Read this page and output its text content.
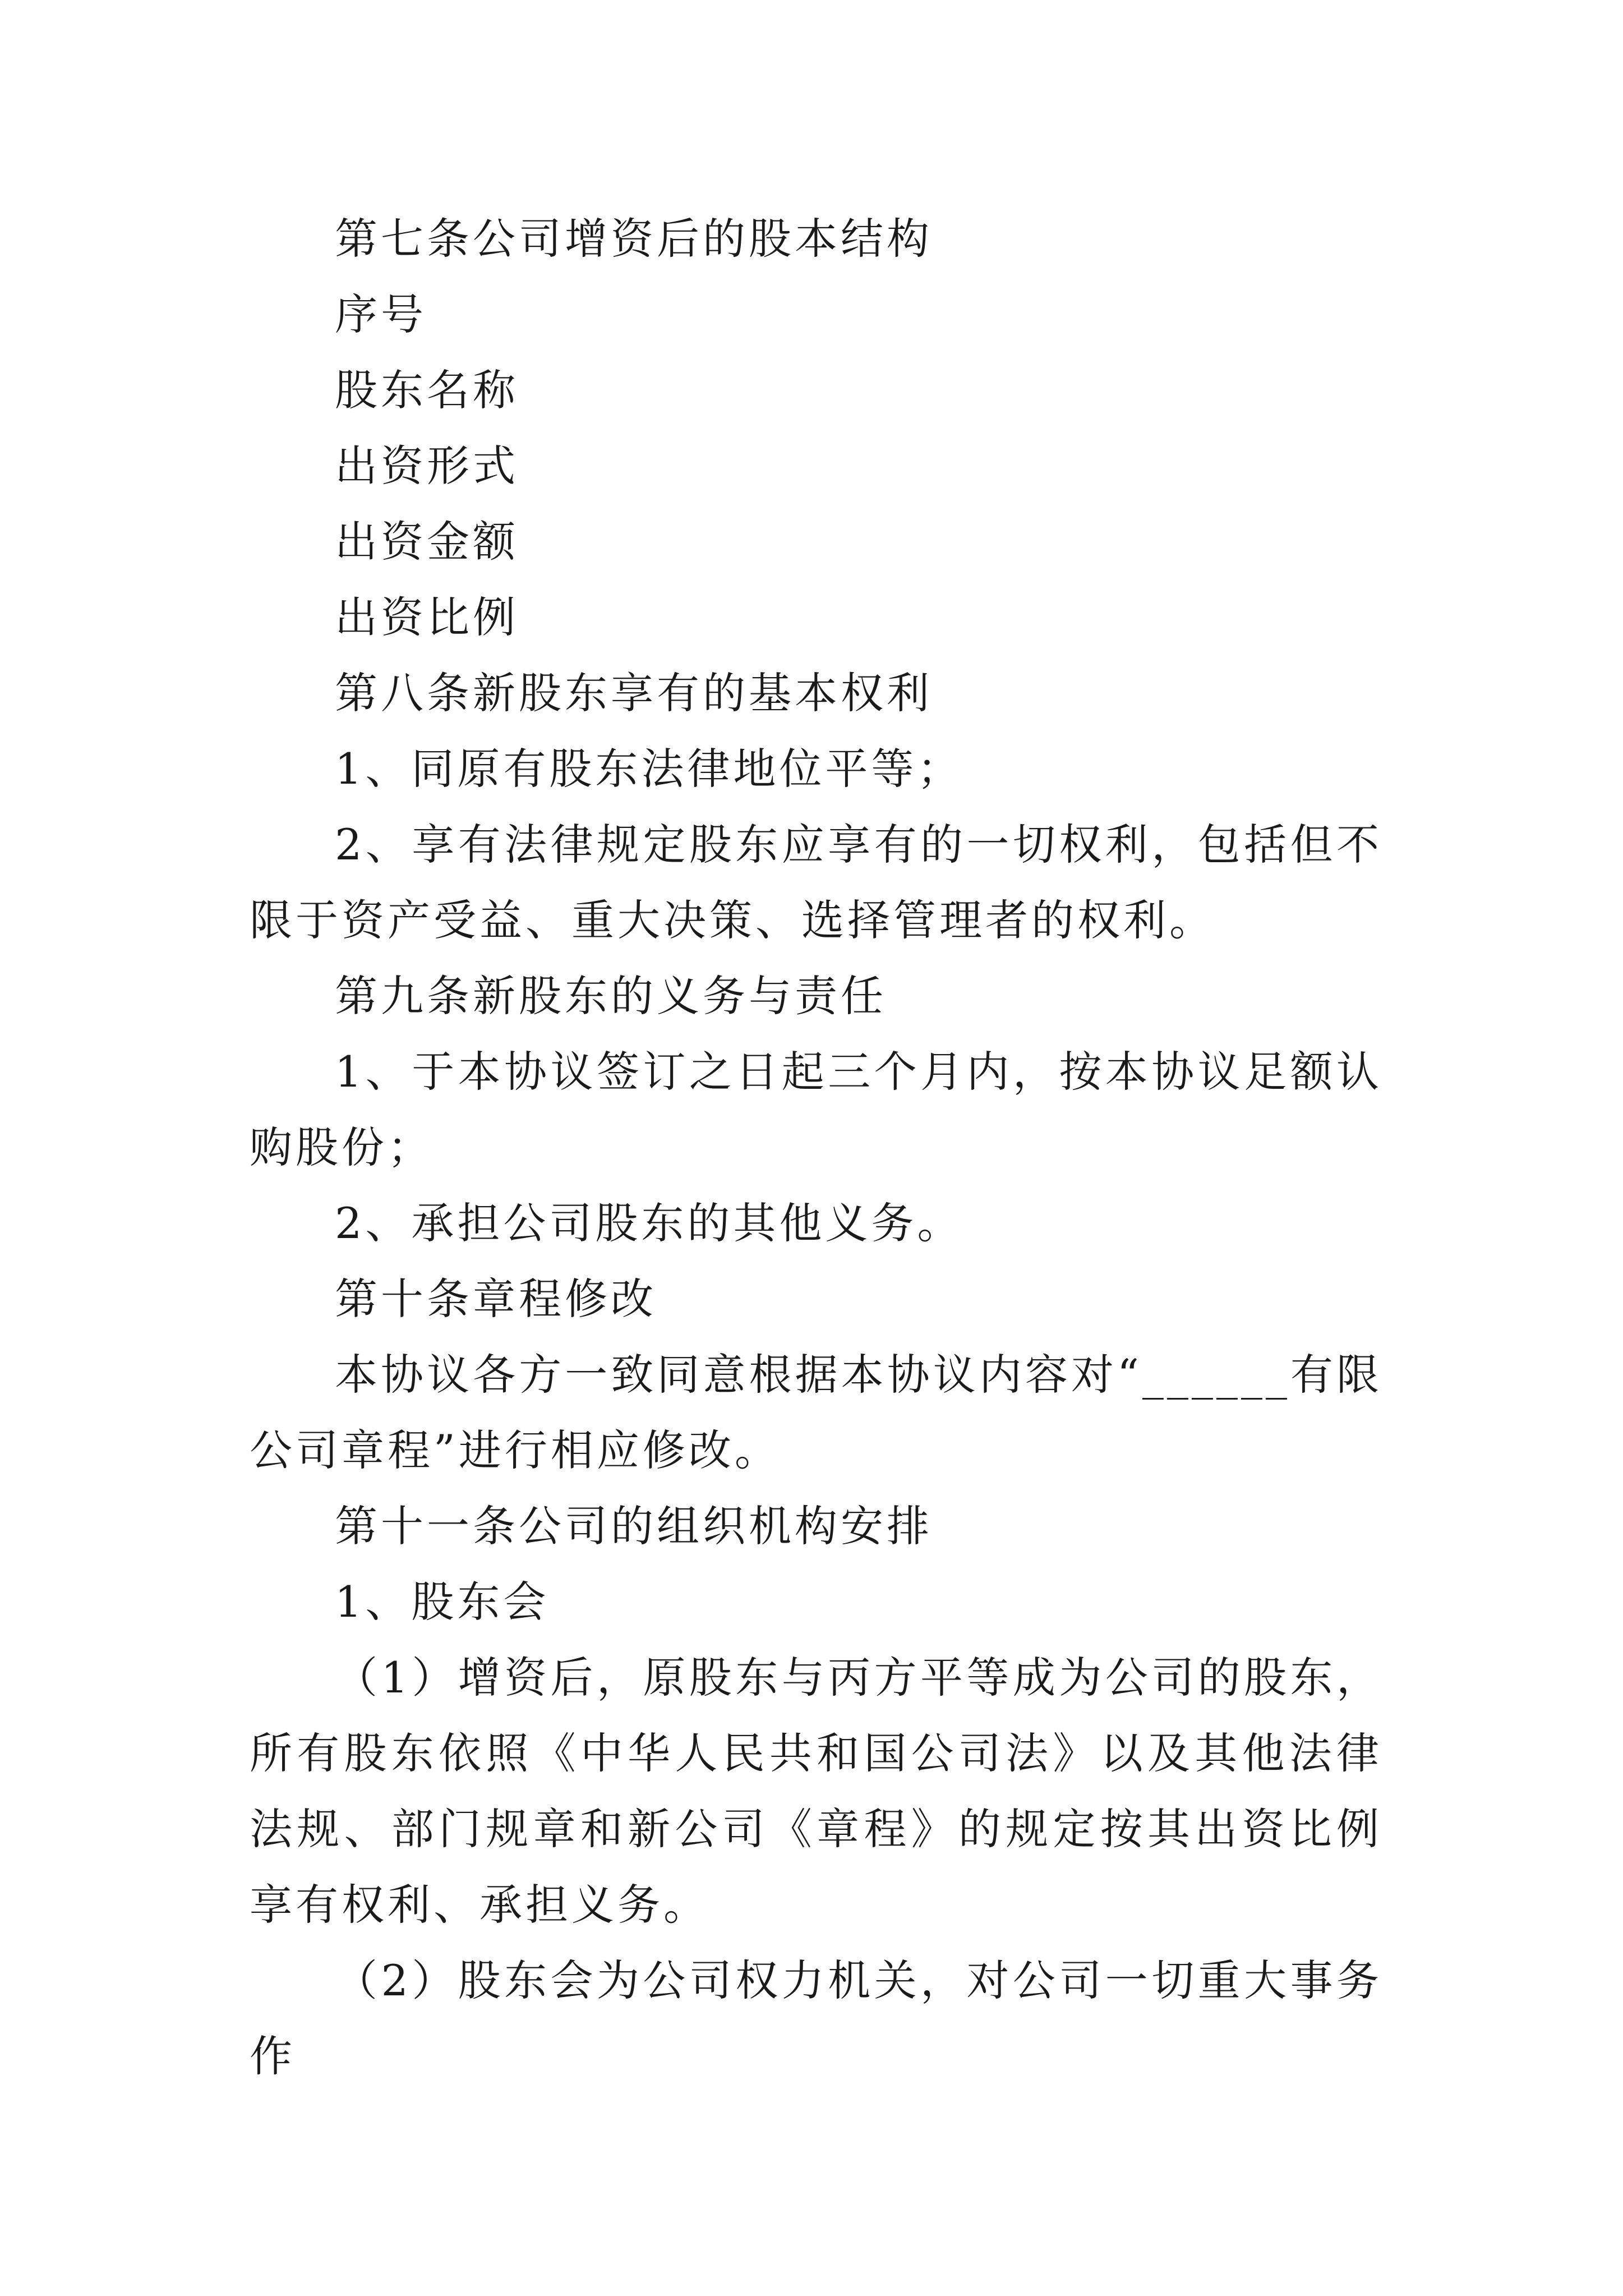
第七条公司增资后的股本结构

序号

股东名称

出资形式

出资金额

出资比例

第八条新股东享有的基本权利

1、同原有股东法律地位平等；

2、享有法律规定股东应享有的一切权利，包括但不限于资产受益、重大决策、选择管理者的权利。

第九条新股东的义务与责任

1、于本协议签订之日起三个月内，按本协议足额认购股份；

2、承担公司股东的其他义务。

第十条章程修改

本协议各方一致同意根据本协议内容对“______有限公司章程”进行相应修改。

第十一条公司的组织机构安排

1、股东会

（1）增资后，原股东与丙方平等成为公司的股东，所有股东依照《中华人民共和国公司法》以及其他法律法规、部门规章和新公司《章程》的规定按其出资比例享有权利、承担义务。

（2）股东会为公司权力机关，对公司一切重大事务作
